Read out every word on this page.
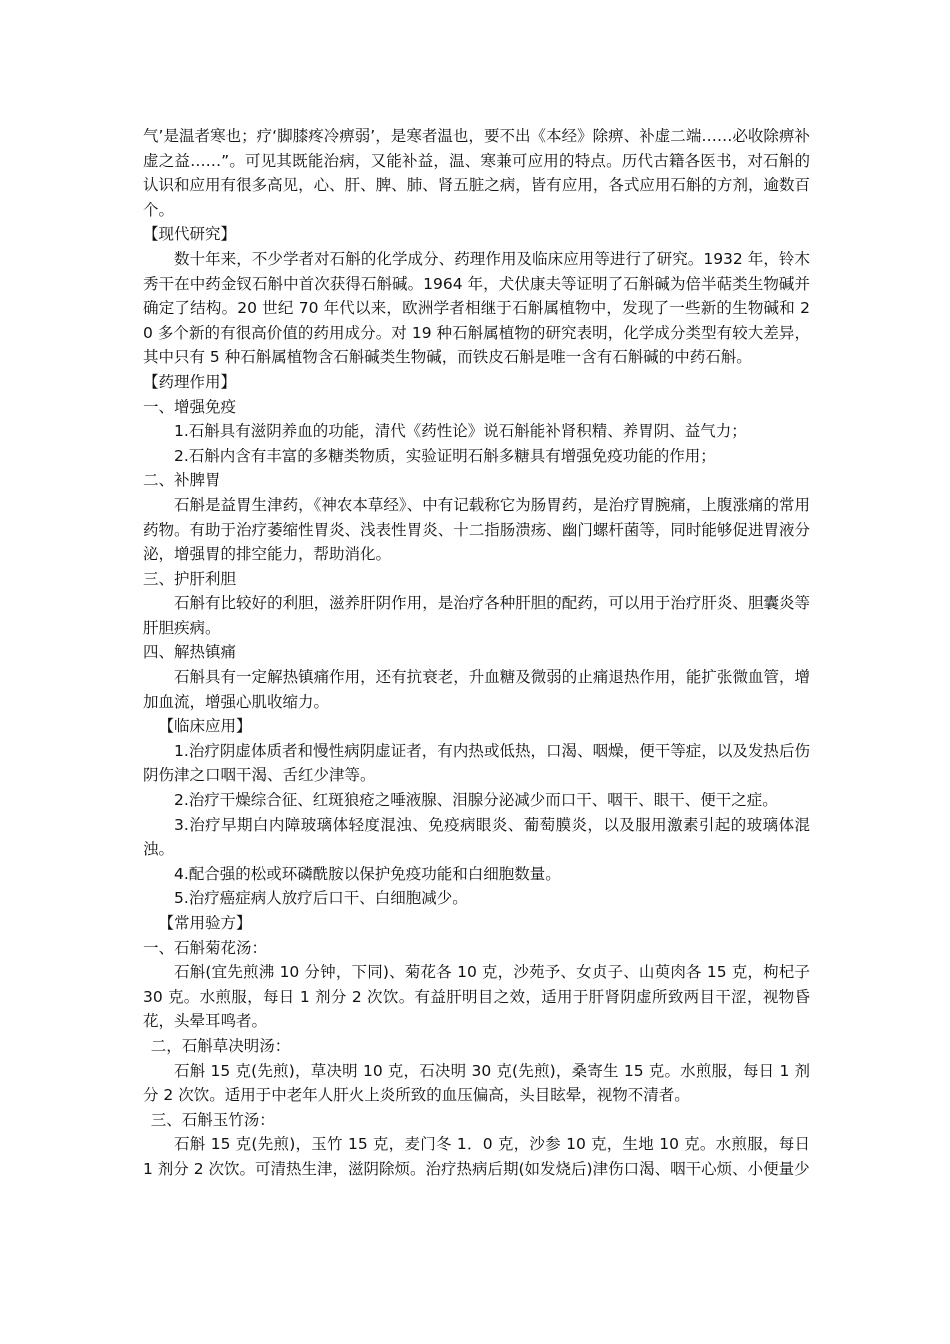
气’是温者寒也；疗‘脚膝疼冷痹弱’，是寒者温也，要不出《本经》除痹、补虚二端……必收除痹补虚之益……”。可见其既能治病，又能补益，温、寒兼可应用的特点。历代古籍各医书，对石斛的认识和应用有很多高见，心、肝、脾、肺、肾五脏之病，皆有应用，各式应用石斛的方剂，逾数百个。

【现代研究】

数十年来，不少学者对石斛的化学成分、药理作用及临床应用等进行了研究。1932 年，铃木秀干在中药金钗石斛中首次获得石斛碱。1964 年，犬伏康夫等证明了石斛碱为倍半萜类生物碱并确定了结构。20 世纪 70 年代以来，欧洲学者相继于石斛属植物中，发现了一些新的生物碱和 20 多个新的有很高价值的药用成分。对 19 种石斛属植物的研究表明，化学成分类型有较大差异，其中只有 5 种石斛属植物含石斛碱类生物碱，而铁皮石斛是唯一含有石斛碱的中药石斛。

【药理作用】

一、增强免疫

1.石斛具有滋阴养血的功能，清代《药性论》说石斛能补肾积精、养胃阴、益气力；

2.石斛内含有丰富的多糖类物质，实验证明石斛多糖具有增强免疫功能的作用；

二、补脾胃

石斛是益胃生津药，《神农本草经》、中有记载称它为肠胃药，是治疗胃腕痛，上腹涨痛的常用药物。有助于治疗萎缩性胃炎、浅表性胃炎、十二指肠溃疡、幽门螺杆菌等，同时能够促进胃液分泌，增强胃的排空能力，帮助消化。

三、护肝利胆

石斛有比较好的利胆，滋养肝阴作用，是治疗各种肝胆的配药，可以用于治疗肝炎、胆囊炎等肝胆疾病。

四、解热镇痛

石斛具有一定解热镇痛作用，还有抗衰老，升血糖及微弱的止痛退热作用，能扩张微血管，增加血流，增强心肌收缩力。

【临床应用】

1.治疗阴虚体质者和慢性病阴虚证者，有内热或低热，口渴、咽燥，便干等症，以及发热后伤阴伤津之口咽干渴、舌红少津等。

2.治疗干燥综合征、红斑狼疮之唾液腺、泪腺分泌减少而口干、咽干、眼干、便干之症。

3.治疗早期白内障玻璃体轻度混浊、免疫病眼炎、葡萄膜炎，以及服用激素引起的玻璃体混浊。

4.配合强的松或环磷酰胺以保护免疫功能和白细胞数量。

5.治疗癌症病人放疗后口干、白细胞减少。

【常用验方】

一、石斛菊花汤：

石斛(宜先煎沸 10 分钟，下同)、菊花各 10 克，沙苑予、女贞子、山萸肉各 15 克，枸杞子 30 克。水煎服，每日 1 剂分 2 次饮。有益肝明目之效，适用于肝肾阴虚所致两目干涩，视物昏花，头晕耳鸣者。

二，石斛草决明汤：

石斛 15 克(先煎)，草决明 10 克，石决明 30 克(先煎)，桑寄生 15 克。水煎服，每日 1 剂分 2 次饮。适用于中老年人肝火上炎所致的血压偏高，头目眩晕，视物不清者。

三、石斛玉竹汤：

石斛 15 克(先煎)，玉竹 15 克，麦门冬 1．0 克，沙参 10 克，生地 10 克。水煎服，每日 1 剂分 2 次饮。可清热生津，滋阴除烦。治疗热病后期(如发烧后)津伤口渴、咽干心烦、小便量少
